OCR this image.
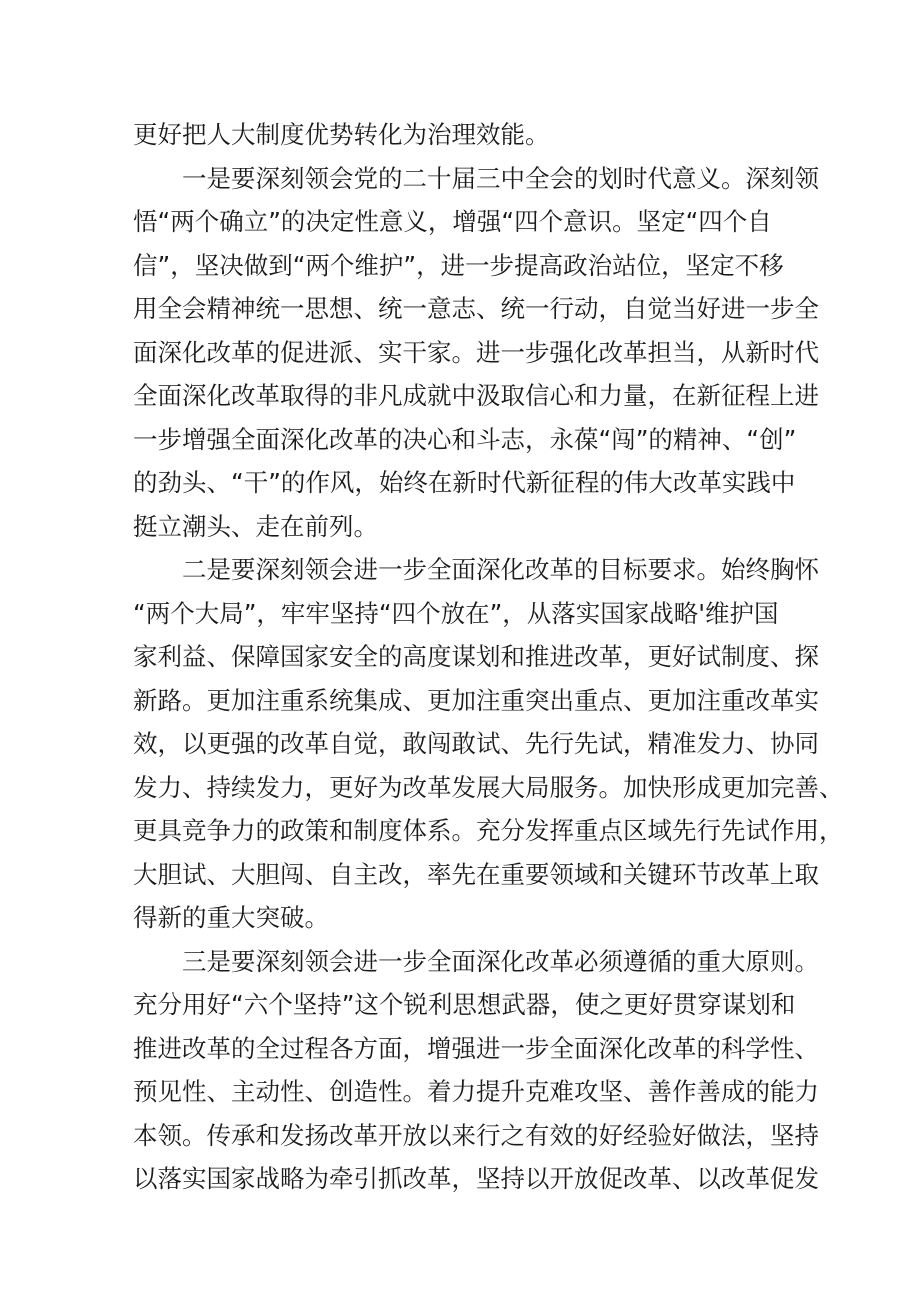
更好把人大制度优势转化为治理效能。
一是要深刻领会党的二十届三中全会的划时代意义。深刻领
悟“两个确立”的决定性意义，增强“四个意识。坚定“四个自
信”，坚决做到“两个维护”，进一步提高政治站位，坚定不移
用全会精神统一思想、统一意志、统一行动，自觉当好进一步全
面深化改革的促进派、实干家。进一步强化改革担当，从新时代
全面深化改革取得的非凡成就中汲取信心和力量，在新征程上进
一步增强全面深化改革的决心和斗志，永葆“闯”的精神、“创”
的劲头、“干”的作风，始终在新时代新征程的伟大改革实践中
挺立潮头、走在前列。
二是要深刻领会进一步全面深化改革的目标要求。始终胸怀
“两个大局”，牢牢坚持“四个放在”，从落实国家战略'维护国
家利益、保障国家安全的高度谋划和推进改革，更好试制度、探
新路。更加注重系统集成、更加注重突出重点、更加注重改革实
效，以更强的改革自觉，敢闯敢试、先行先试，精准发力、协同
发力、持续发力，更好为改革发展大局服务。加快形成更加完善、
更具竞争力的政策和制度体系。充分发挥重点区域先行先试作用，
大胆试、大胆闯、自主改，率先在重要领域和关键环节改革上取
得新的重大突破。
三是要深刻领会进一步全面深化改革必须遵循的重大原则。
充分用好“六个坚持”这个锐利思想武器，使之更好贯穿谋划和
推进改革的全过程各方面，增强进一步全面深化改革的科学性、
预见性、主动性、创造性。着力提升克难攻坚、善作善成的能力
本领。传承和发扬改革开放以来行之有效的好经验好做法，坚持
以落实国家战略为牵引抓改革，坚持以开放促改革、以改革促发
